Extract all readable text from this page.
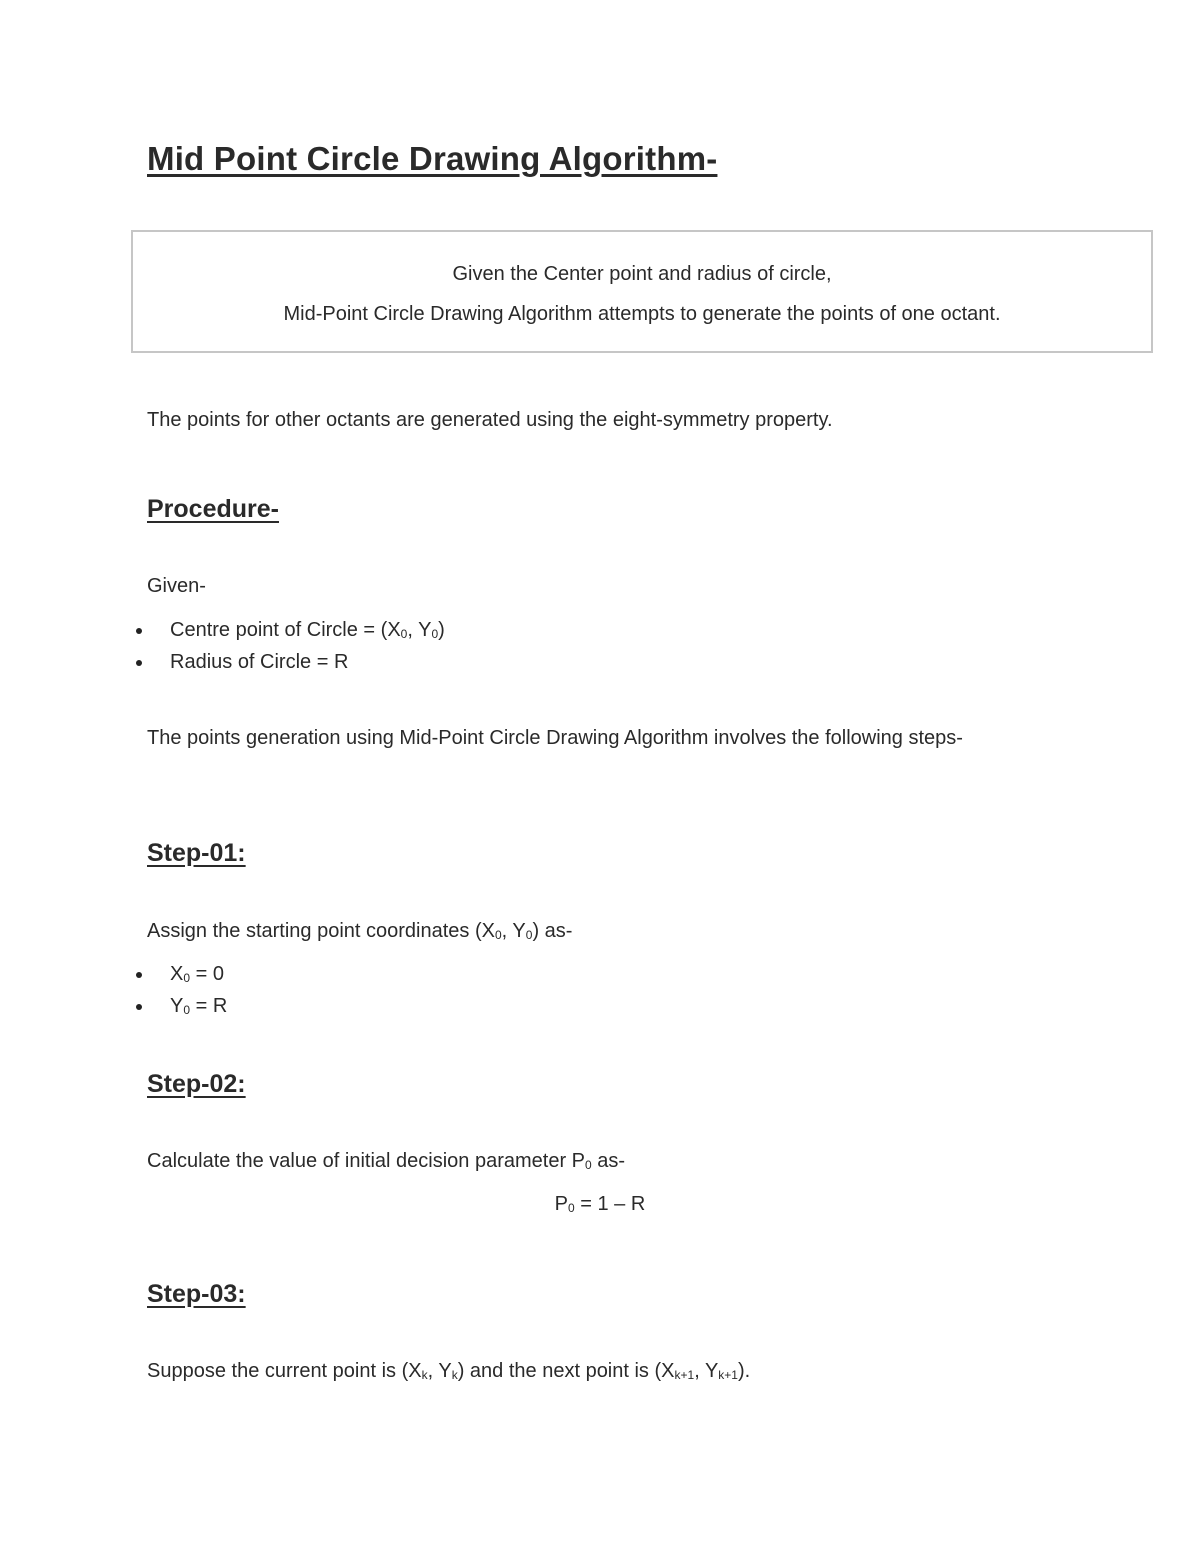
Mid Point Circle Drawing Algorithm-

Given the Center point and radius of circle,

Mid-Point Circle Drawing Algorithm attempts to generate the points of one octant.

The points for other octants are generated using the eight-symmetry property.

Procedure-

Given-

Centre point of Circle = ($X_0$, $Y_0$)
Radius of Circle = R

The points generation using Mid-Point Circle Drawing Algorithm involves the following steps-

Step-01:

Assign the starting point coordinates ($X_0$, $Y_0$) as-

$X_0 = 0$
$Y_0 = R$
Step-02:

Calculate the value of initial decision parameter $P_0$ as-

$P_0 = 1 - R$

Step-03:

Suppose the current point is ($X_k$, $Y_k$) and the next point is ($X_{k+1}$, $Y_{k+1}$).
